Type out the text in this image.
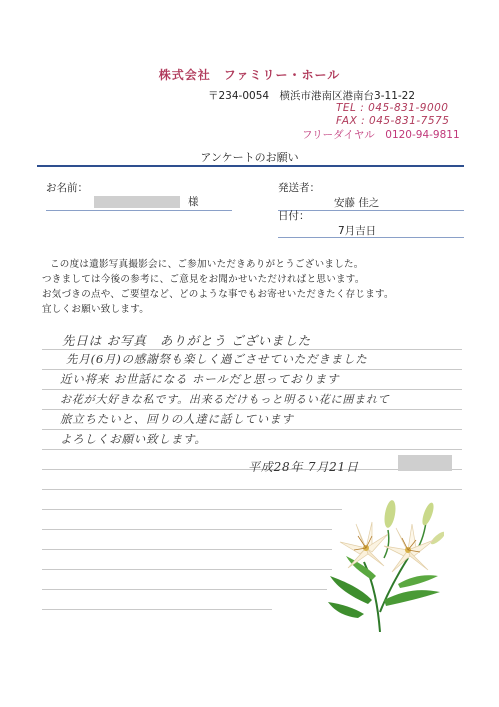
株式会社　ファミリー・ホール
〒234-0054　横浜市港南区港南台3-11-22
TEL : 045-831-9000
FAX : 045-831-7575
フリーダイヤル　0120-94-9811
アンケートのお願い
お名前：
様
発送者：
安藤 佳之
日付：
7月吉日
この度は遺影写真撮影会に、ご参加いただきありがとうございました。
つきましては今後の参考に、ご意見をお聞かせいただければと思います。
お気づきの点や、ご要望など、どのような事でもお寄せいただきたく存じます。
宜しくお願い致します。
先日は お写真　ありがとう ございました
先月(6月)の感謝祭も楽しく過ごさせていただきました
近い将来 お世話になる ホールだと思っております
お花が大好きな私です。出来るだけもっと明るい花に囲まれて
旅立ちたいと、回りの人達に話しています
よろしくお願い致します。
平成28年 7月21日
